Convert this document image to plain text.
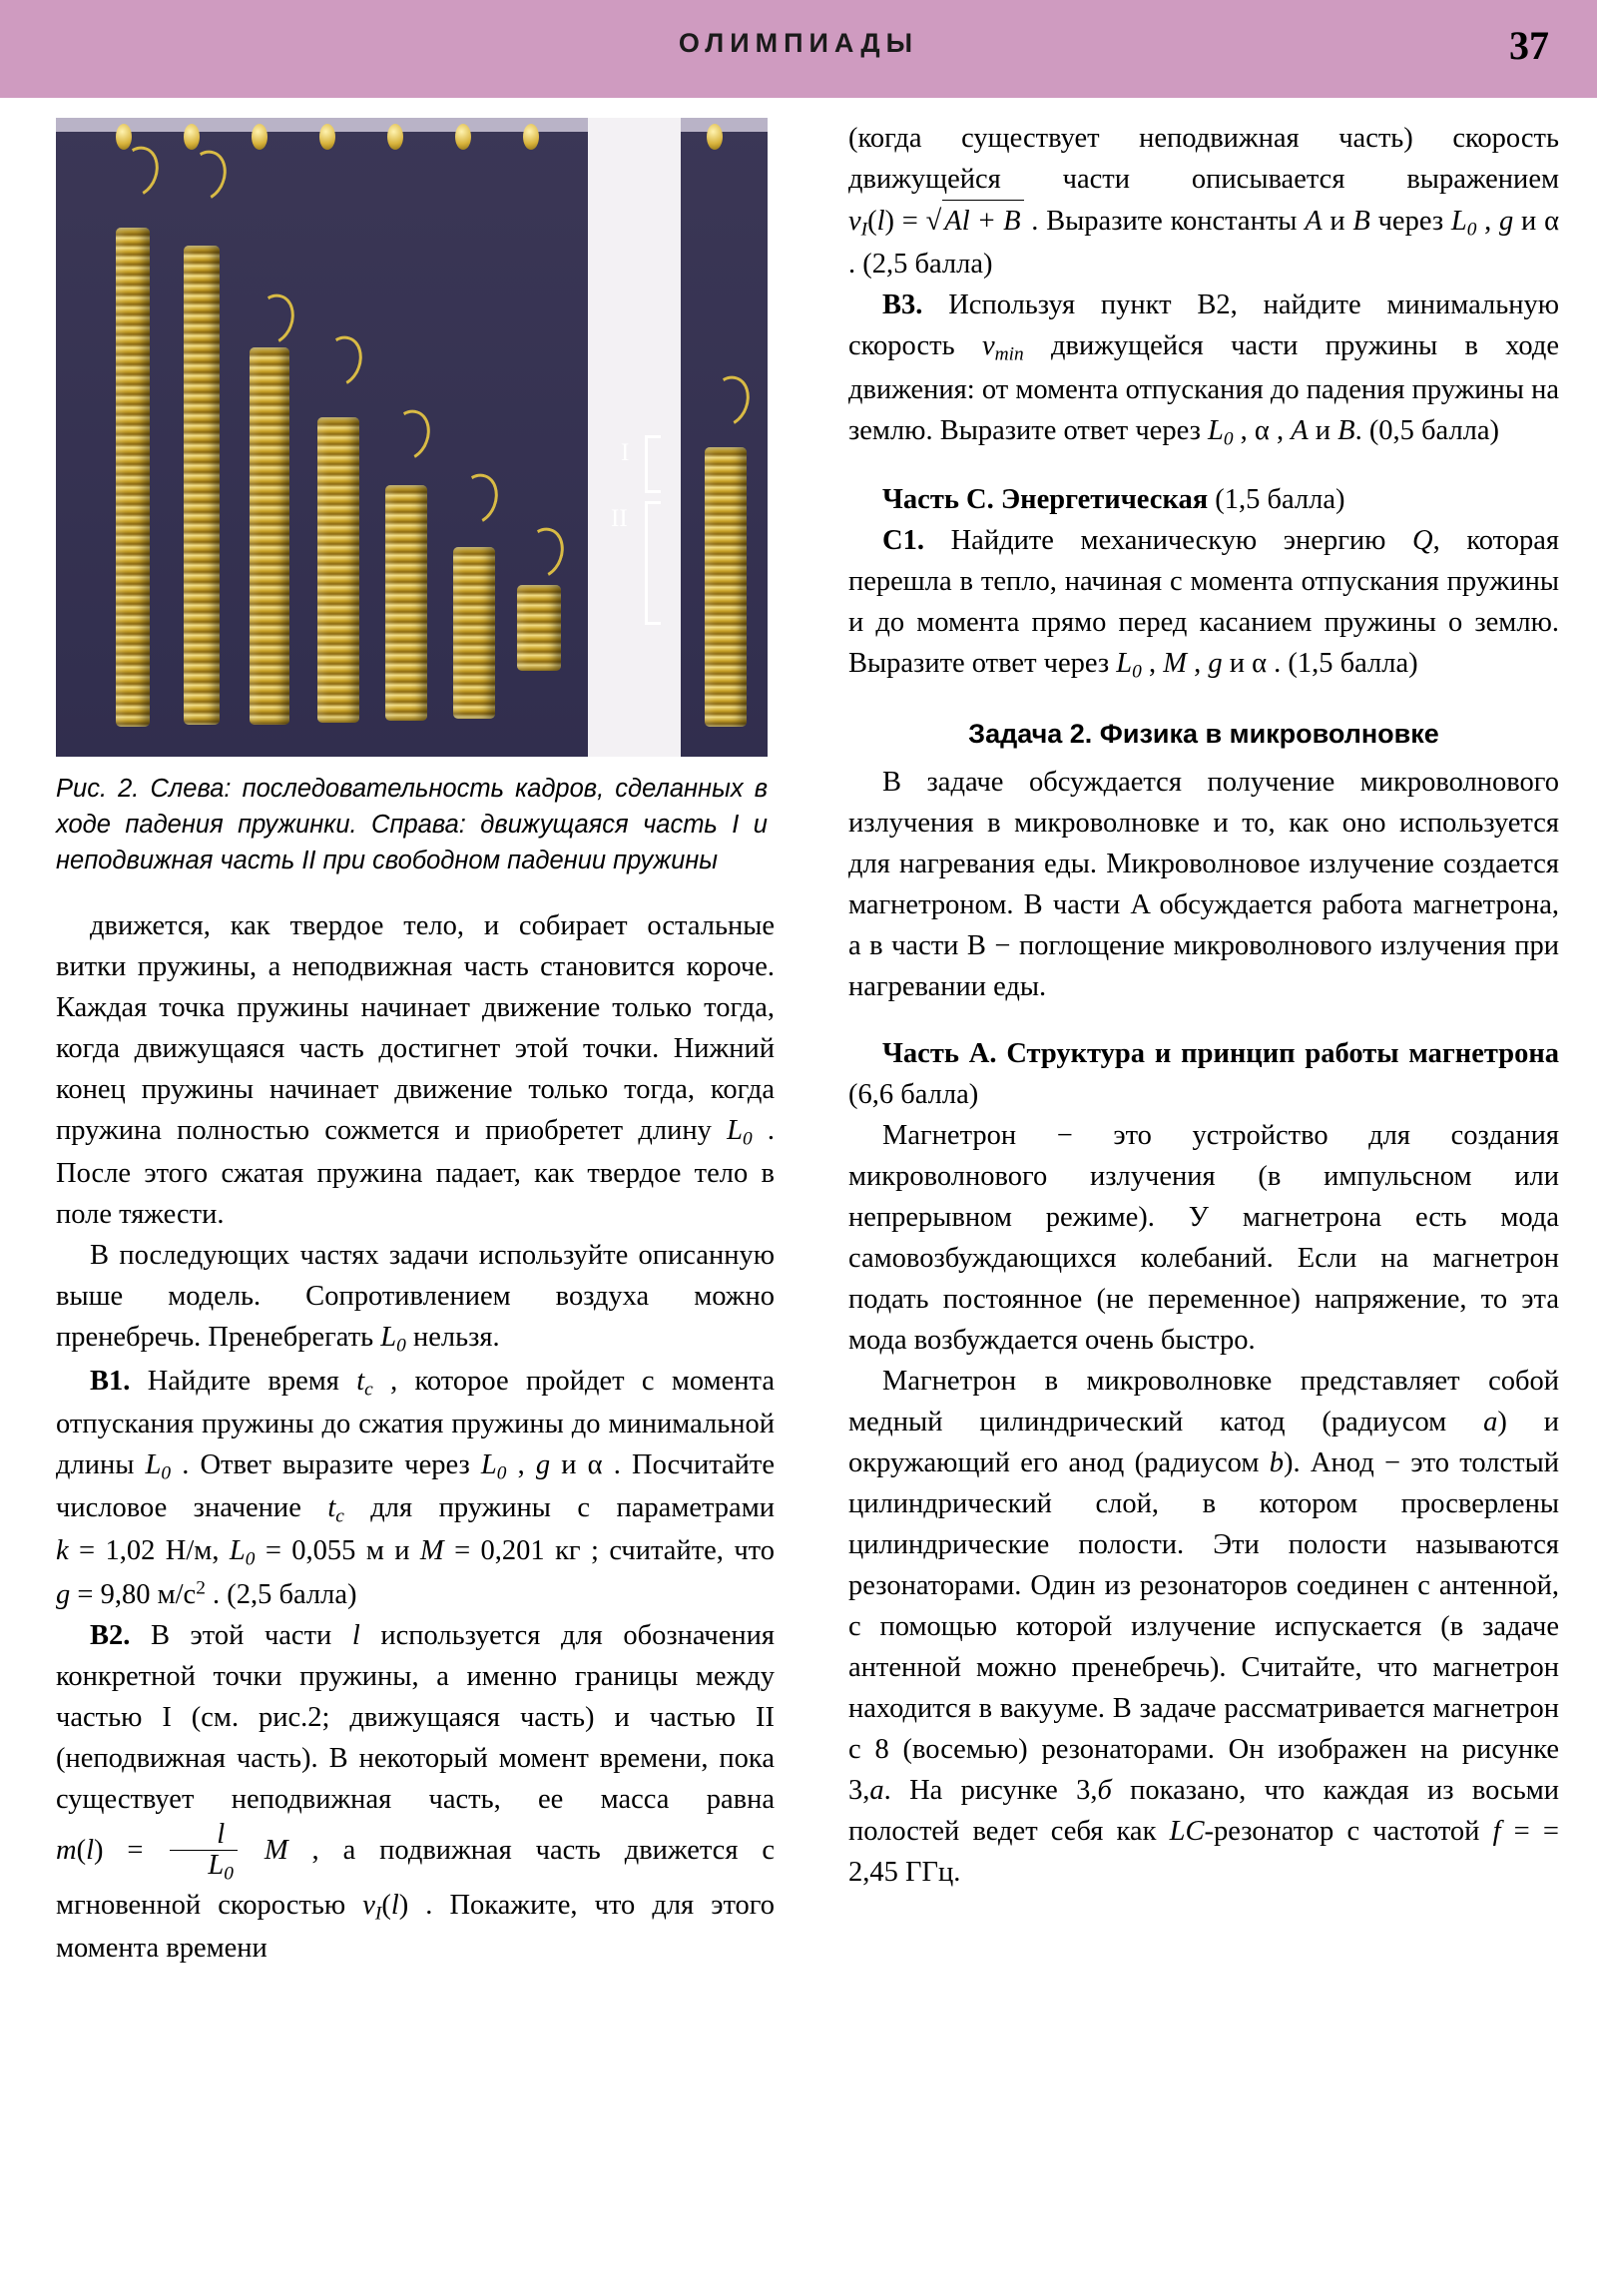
ОЛИМПИАДЫ	37
I
II
Рис. 2. Слева: последовательность кадров, сделанных в ходе падения пружинки. Справа: движущаяся часть I и неподвижная часть II при свободном падении пружины

движется, как твердое тело, и собирает остальные витки пружины, а неподвижная часть становится короче. Каждая точка пружины начинает движение только тогда, когда движущаяся часть достигнет этой точки. Нижний конец пружины начинает движение только тогда, когда пружина полностью сожмется и приобретет длину $L_0$ . После этого сжатая пружина падает, как твердое тело в поле тяжести.

В последующих частях задачи используйте описанную выше модель. Сопротивлением воздуха можно пренебречь. Пренебрегать $L_0$ нельзя.

B1. Найдите время $t_c$ , которое пройдет с момента отпускания пружины до сжатия пружины до минимальной длины $L_0$ . Ответ выразите через $L_0$ , g и α . Посчитайте числовое значение $t_c$ для пружины с параметрами k = 1,02 Н/м, $L_0 = 0,055$ м и M = 0,201 кг ; считайте, что g = 9,80 $м/с^2$ . (2,5 балла)

B2. В этой части l используется для обозначения конкретной точки пружины, а именно границы между частью I (см. рис.2; движущаяся часть) и частью II (неподвижная часть). В некоторый момент времени, пока существует неподвижная часть, ее масса равна $m(l) = \frac{l}{L_0}$ M , а подвижная часть движется с мгновенной скоростью $v_I(l)$ . Покажите, что для этого момента времени

(когда существует неподвижная часть) скорость движущейся части описывается выражением $v_I(l)$ = √ Al + B . Выразите константы A и B через $L_0$ , g и α . (2,5 балла)

B3. Используя пункт B2, найдите минимальную скорость $v_{min}$ движущейся части пружины в ходе движения: от момента отпускания до падения пружины на землю. Выразите ответ через $L_0$ , α , A и B. (0,5 балла)

Часть C. Энергетическая (1,5 балла)

C1. Найдите механическую энергию Q, которая перешла в тепло, начиная с момента отпускания пружины и до момента прямо перед касанием пружины о землю. Выразите ответ через $L_0$ , M , g и α . (1,5 балла)

Задача 2. Физика в микроволновке

В задаче обсуждается получение микроволнового излучения в микроволновке и то, как оно используется для нагревания еды. Микроволновое излучение создается магнетроном. В части A обсуждается работа магнетрона, а в части B − поглощение микроволнового излучения при нагревании еды.

Часть A. Структура и принцип работы магнетрона (6,6 балла)

Магнетрон − это устройство для создания микроволнового излучения (в импульсном или непрерывном режиме). У магнетрона есть мода самовозбуждающихся колебаний. Если на магнетрон подать постоянное (не переменное) напряжение, то эта мода возбуждается очень быстро.

Магнетрон в микроволновке представляет собой медный цилиндрический катод (радиусом a) и окружающий его анод (радиусом b). Анод − это толстый цилиндрический слой, в котором просверлены цилиндрические полости. Эти полости называются резонаторами. Один из резонаторов соединен с антенной, с помощью которой излучение испускается (в задаче антенной можно пренебречь). Считайте, что магнетрон находится в вакууме. В задаче рассматривается магнетрон с 8 (восемью) резонаторами. Он изображен на рисунке 3,а. На рисунке 3,б показано, что каждая из восьми полостей ведет себя как LC-резонатор с частотой f = = 2,45 ГГц.
